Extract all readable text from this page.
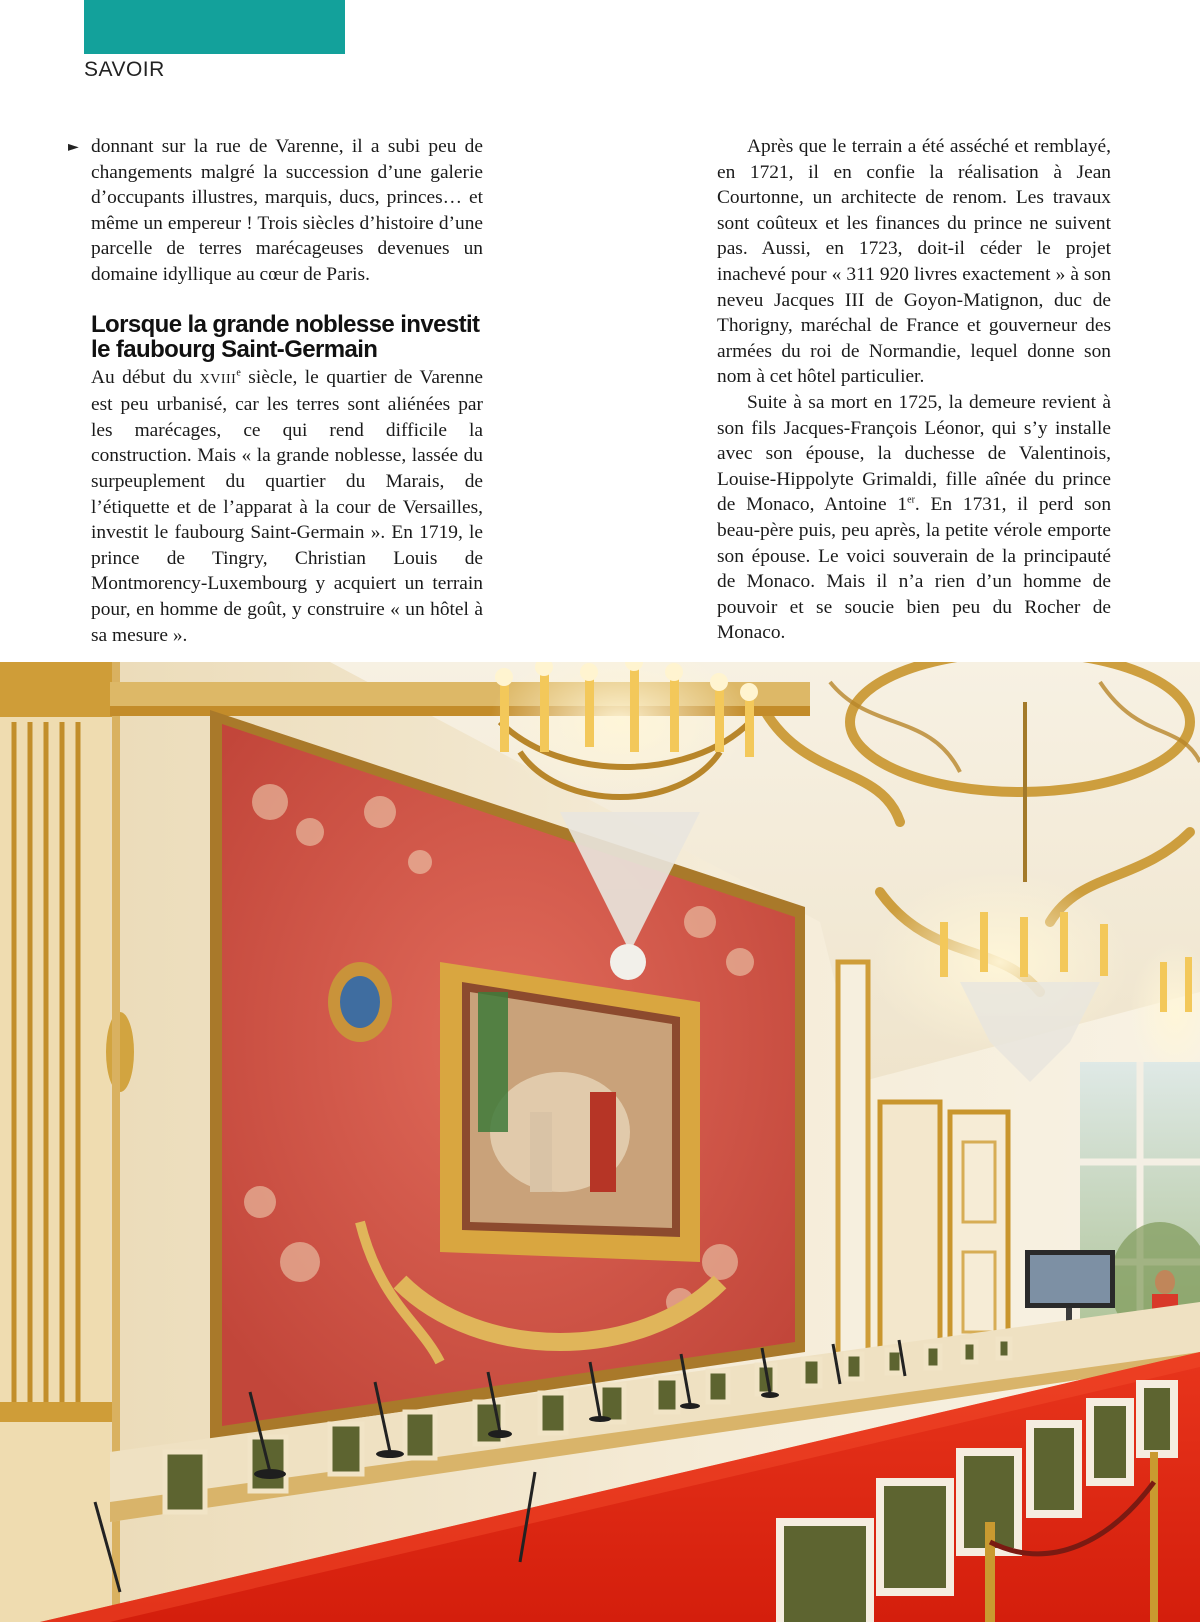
SAVOIR
► donnant sur la rue de Varenne, il a subi peu de changements malgré la succession d’une galerie d’occupants illustres, marquis, ducs, princes… et même un empereur ! Trois siècles d’histoire d’une parcelle de terres marécageuses devenues un domaine idyllique au cœur de Paris.

Lorsque la grande noblesse investit le faubourg Saint-Germain

Au début du XVIIIe siècle, le quartier de Varenne est peu urbanisé, car les terres sont aliénées par les marécages, ce qui rend difficile la construction. Mais « la grande noblesse, lassée du surpeuplement du quartier du Marais, de l’étiquette et de l’apparat à la cour de Versailles, investit le faubourg Saint-Germain ». En 1719, le prince de Tingry, Christian Louis de Montmorency-Luxembourg y acquiert un terrain pour, en homme de goût, y construire « un hôtel à sa mesure ».

Après que le terrain a été asséché et remblayé, en 1721, il en confie la réalisation à Jean Courtonne, un architecte de renom. Les travaux sont coûteux et les finances du prince ne suivent pas. Aussi, en 1723, doit-il céder le projet inachevé pour « 311 920 livres exactement » à son neveu Jacques III de Goyon-Matignon, duc de Thorigny, maréchal de France et gouverneur des armées du roi de Normandie, lequel donne son nom à cet hôtel particulier.

Suite à sa mort en 1725, la demeure revient à son fils Jacques-François Léonor, qui s’y installe avec son épouse, la duchesse de Valentinois, Louise-Hippolyte Grimaldi, fille aînée du prince de Monaco, Antoine 1er. En 1731, il perd son beau-père puis, peu après, la petite vérole emporte son épouse. Le voici souverain de la principauté de Monaco. Mais il n’a rien d’un homme de pouvoir et se soucie bien peu du Rocher de Monaco.
